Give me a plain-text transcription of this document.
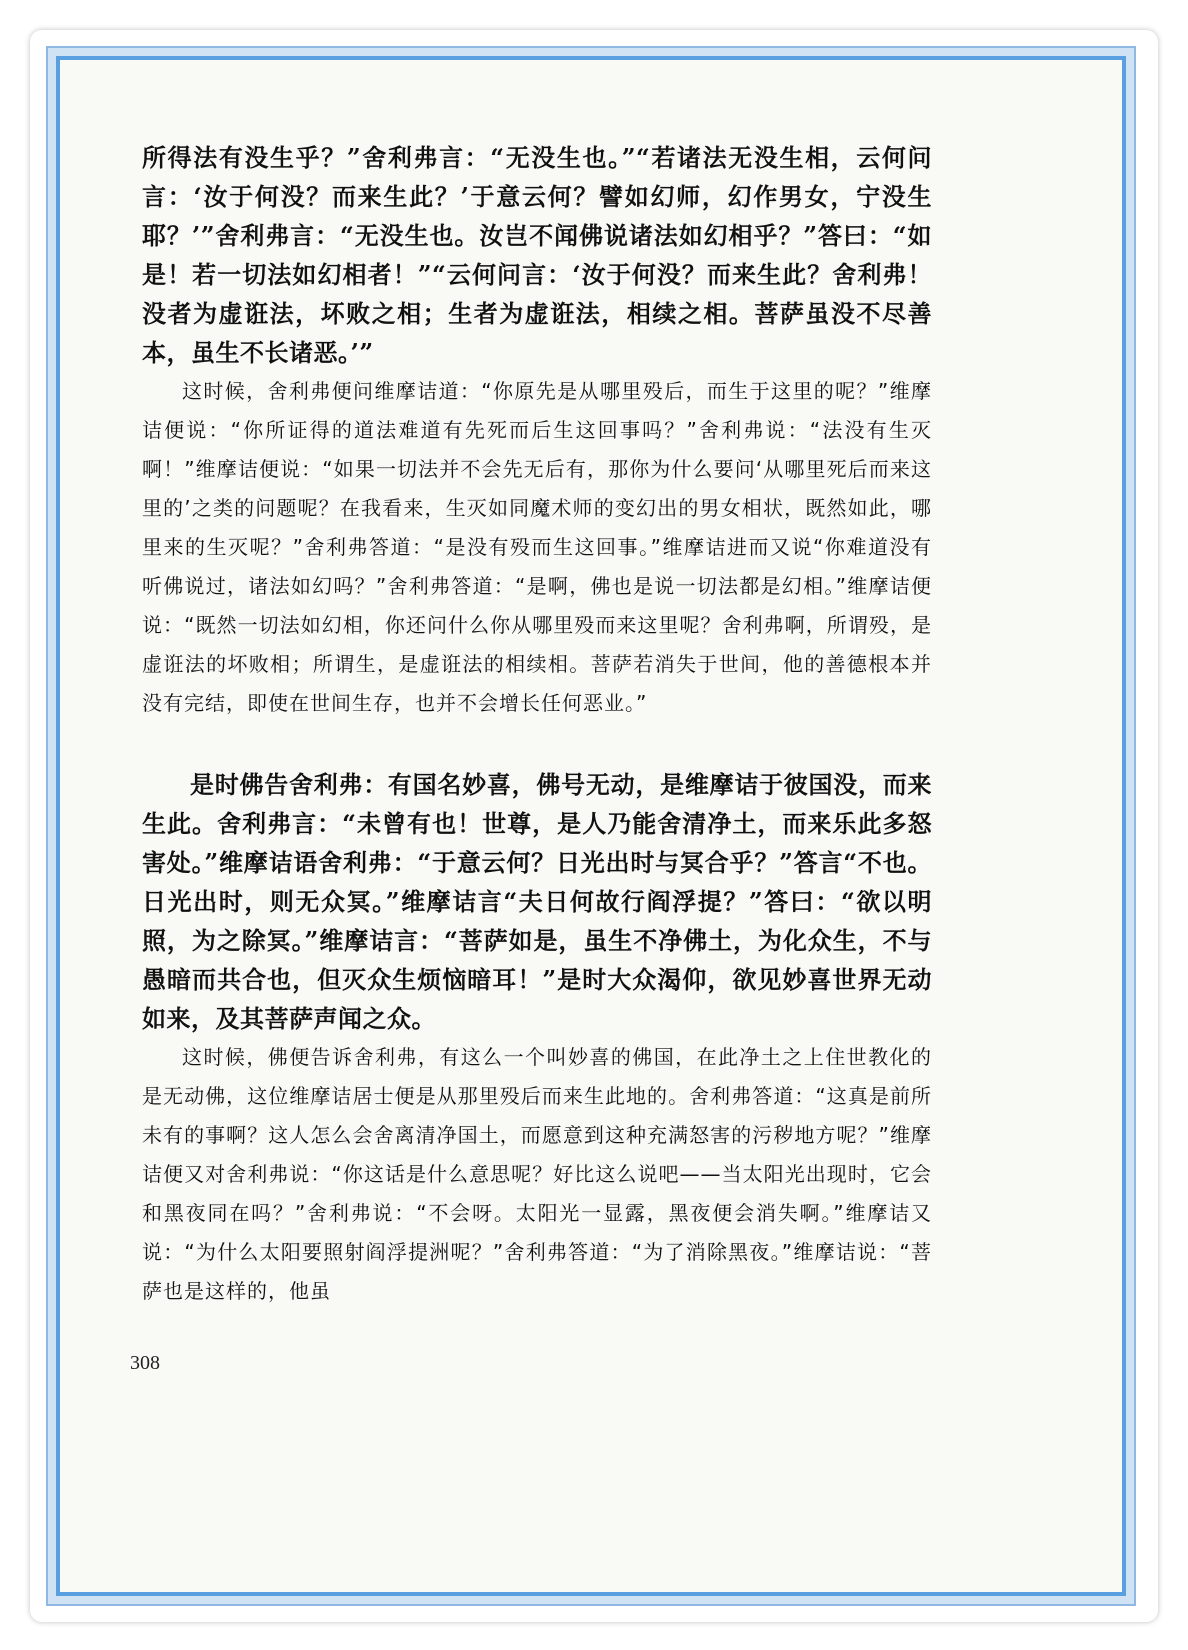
所得法有没生乎？”舍利弗言：“无没生也。”“若诸法无没生相，云何问言：‘汝于何没？而来生此？’于意云何？譬如幻师，幻作男女，宁没生耶？’”舍利弗言：“无没生也。汝岂不闻佛说诸法如幻相乎？”答曰：“如是！若一切法如幻相者！”“云何问言：‘汝于何没？而来生此？舍利弗！没者为虚诳法，坏败之相；生者为虚诳法，相续之相。菩萨虽没不尽善本，虽生不长诸恶。’”

这时候，舍利弗便问维摩诘道：“你原先是从哪里殁后，而生于这里的呢？”维摩诘便说：“你所证得的道法难道有先死而后生这回事吗？”舍利弗说：“法没有生灭啊！”维摩诘便说：“如果一切法并不会先无后有，那你为什么要问‘从哪里死后而来这里的’之类的问题呢？在我看来，生灭如同魔术师的变幻出的男女相状，既然如此，哪里来的生灭呢？”舍利弗答道：“是没有殁而生这回事。”维摩诘进而又说“你难道没有听佛说过，诸法如幻吗？”舍利弗答道：“是啊，佛也是说一切法都是幻相。”维摩诘便说：“既然一切法如幻相，你还问什么你从哪里殁而来这里呢？舍利弗啊，所谓殁，是虚诳法的坏败相；所谓生，是虚诳法的相续相。菩萨若消失于世间，他的善德根本并没有完结，即使在世间生存，也并不会增长任何恶业。”

是时佛告舍利弗：有国名妙喜，佛号无动，是维摩诘于彼国没，而来生此。舍利弗言：“未曾有也！世尊，是人乃能舍清净土，而来乐此多怒害处。”维摩诘语舍利弗：“于意云何？日光出时与冥合乎？”答言“不也。日光出时，则无众冥。”维摩诘言“夫日何故行阎浮提？”答曰：“欲以明照，为之除冥。”维摩诘言：“菩萨如是，虽生不净佛土，为化众生，不与愚暗而共合也，但灭众生烦恼暗耳！”是时大众渴仰，欲见妙喜世界无动如来，及其菩萨声闻之众。

这时候，佛便告诉舍利弗，有这么一个叫妙喜的佛国，在此净土之上住世教化的是无动佛，这位维摩诘居士便是从那里殁后而来生此地的。舍利弗答道：“这真是前所未有的事啊？这人怎么会舍离清净国土，而愿意到这种充满怒害的污秽地方呢？”维摩诘便又对舍利弗说：“你这话是什么意思呢？好比这么说吧——当太阳光出现时，它会和黑夜同在吗？”舍利弗说：“不会呀。太阳光一显露，黑夜便会消失啊。”维摩诘又说：“为什么太阳要照射阎浮提洲呢？”舍利弗答道：“为了消除黑夜。”维摩诘说：“菩萨也是这样的，他虽

308
